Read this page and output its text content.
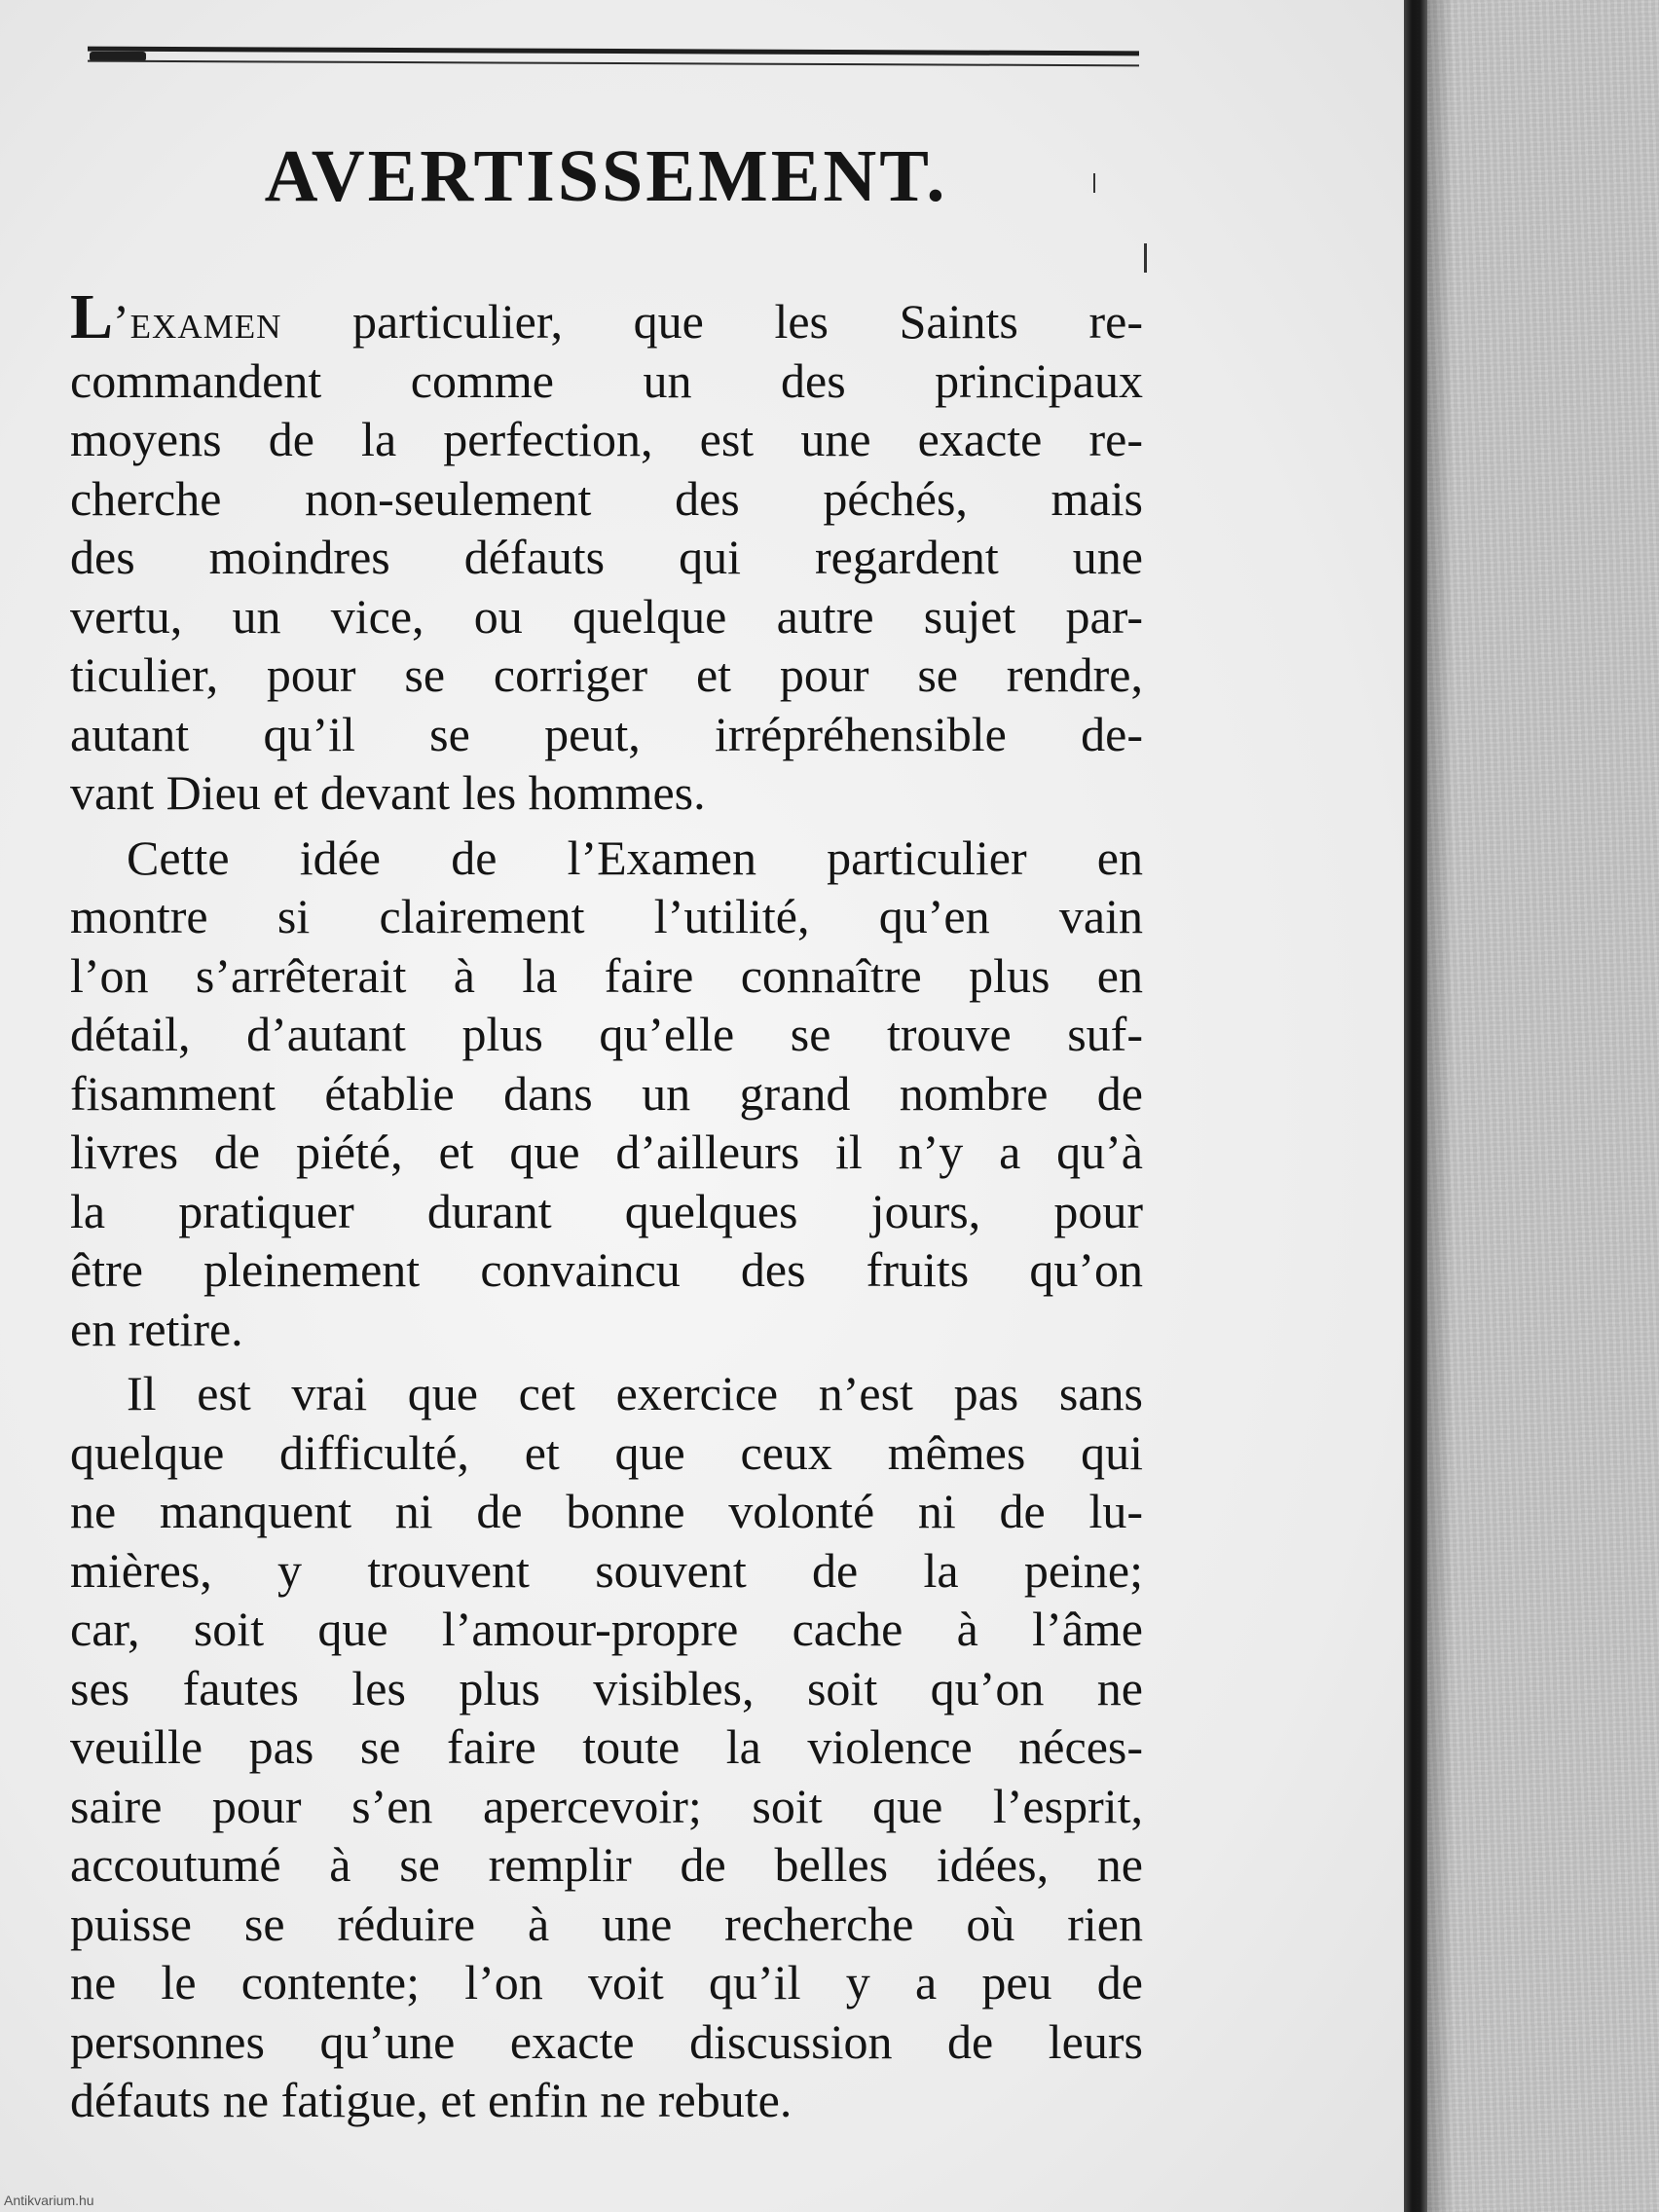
AVERTISSEMENT.
L’examen particulier, que les Saints re-
commandent comme un des principaux
moyens de la perfection, est une exacte re-
cherche non-seulement des péchés, mais
des moindres défauts qui regardent une
vertu, un vice, ou quelque autre sujet par-
ticulier, pour se corriger et pour se rendre,
autant qu’il se peut, irrépréhensible de-
vant Dieu et devant les hommes.
Cette idée de l’Examen particulier en
montre si clairement l’utilité, qu’en vain
l’on s’arrêterait à la faire connaître plus en
détail, d’autant plus qu’elle se trouve suf-
fisamment établie dans un grand nombre de
livres de piété, et que d’ailleurs il n’y a qu’à
la pratiquer durant quelques jours, pour
être pleinement convaincu des fruits qu’on
en retire.
Il est vrai que cet exercice n’est pas sans
quelque difficulté, et que ceux mêmes qui
ne manquent ni de bonne volonté ni de lu-
mières, y trouvent souvent de la peine;
car, soit que l’amour-propre cache à l’âme
ses fautes les plus visibles, soit qu’on ne
veuille pas se faire toute la violence néces-
saire pour s’en apercevoir; soit que l’esprit,
accoutumé à se remplir de belles idées, ne
puisse se réduire à une recherche où rien
ne le contente; l’on voit qu’il y a peu de
personnes qu’une exacte discussion de leurs
défauts ne fatigue, et enfin ne rebute.
Antikvarium.hu
